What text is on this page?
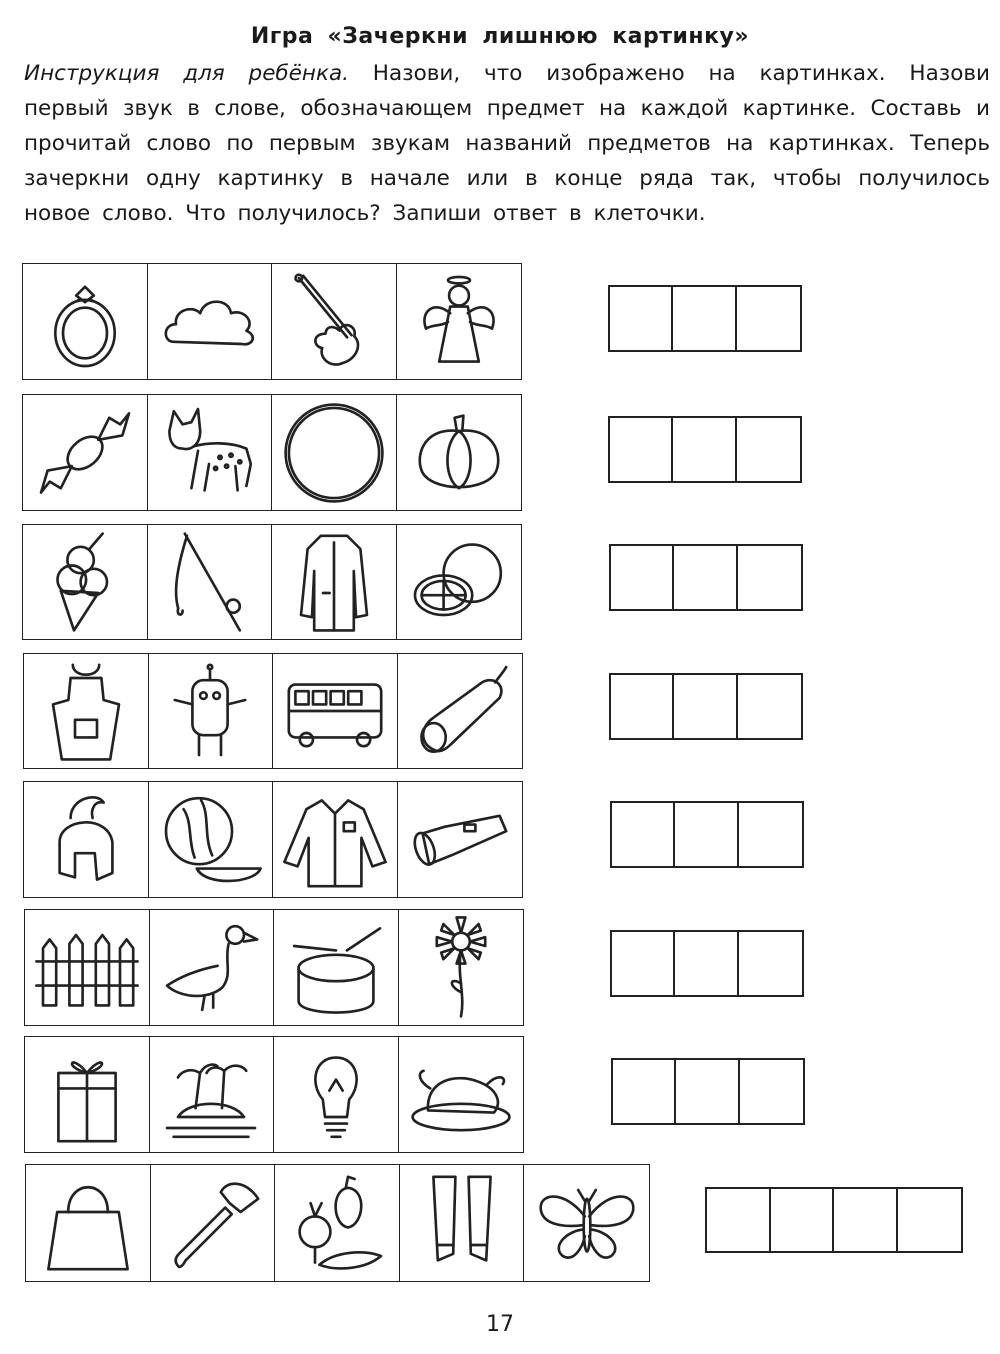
Игра «Зачеркни лишнюю картинку»
Инструкция для ребёнка. Назови, что изображено на картинках. Назови первый звук в слове, обозначающем предмет на каждой картинке. Составь и прочитай слово по первым звукам названий предметов на картинках. Теперь зачеркни одну картинку в начале или в конце ряда так, чтобы получилось новое слово. Что получилось? Запиши ответ в клеточки.
17
